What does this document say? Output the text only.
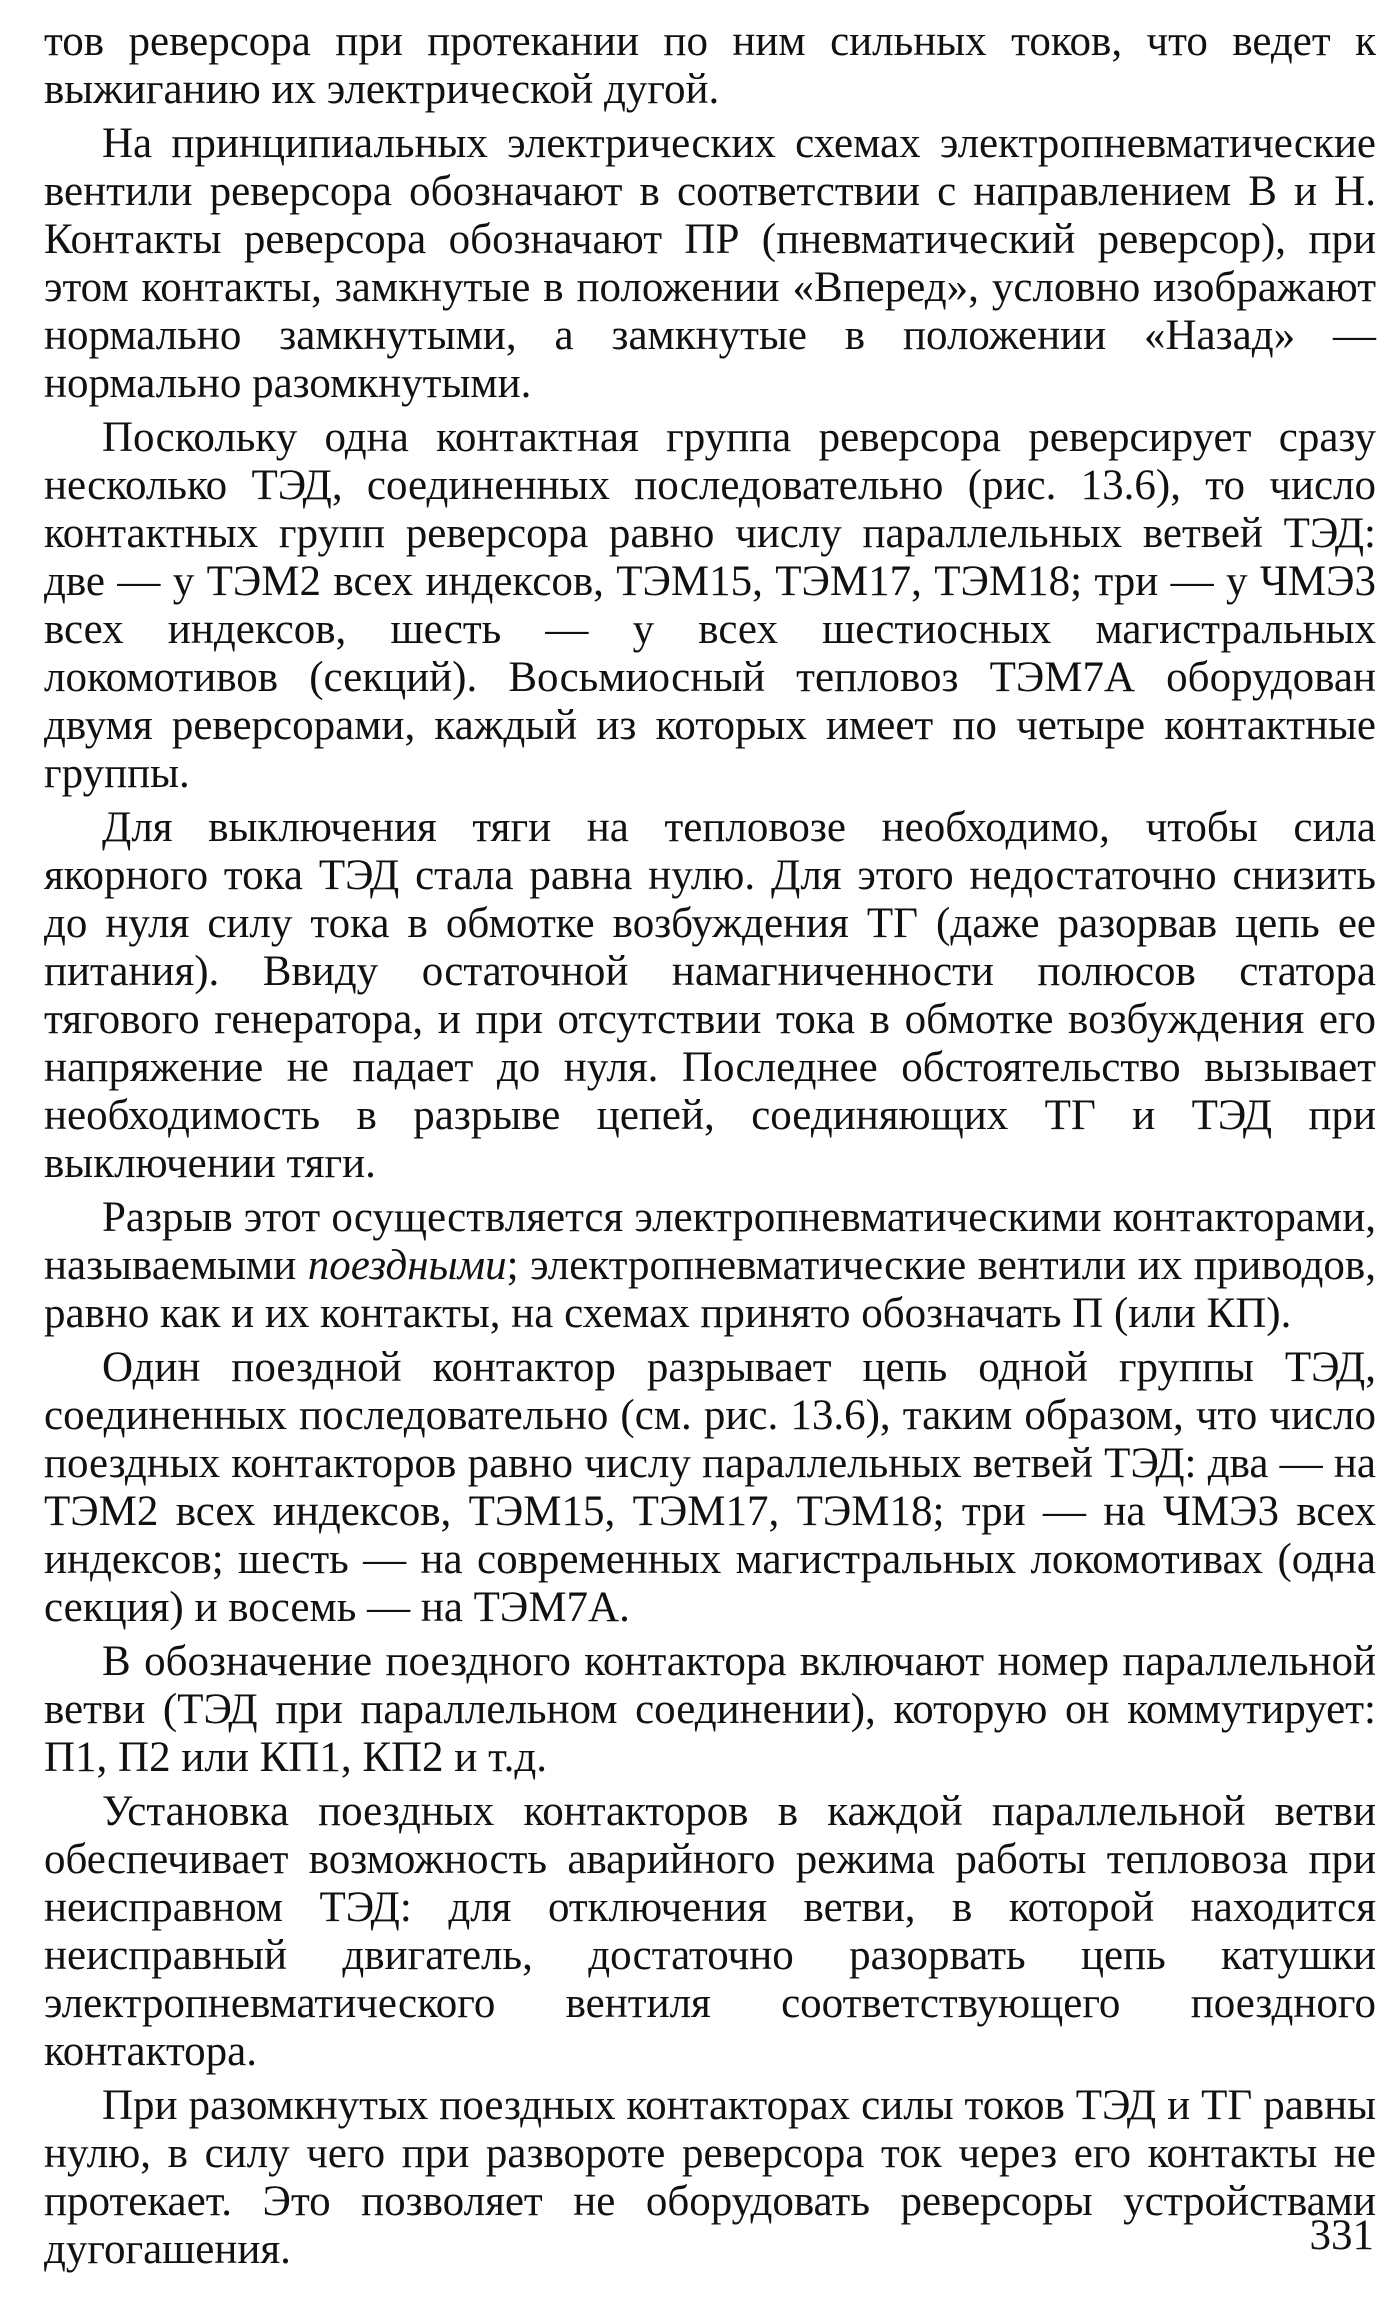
тов реверсора при протекании по ним сильных токов, что ведет к выжиганию их электрической дугой.

На принципиальных электрических схемах электропневматические вентили реверсора обозначают в соответствии с направлением В и Н. Контакты реверсора обозначают ПР (пневматический реверсор), при этом контакты, замкнутые в положении «Вперед», условно изображают нормально замкнутыми, а замкнутые в положении «Назад» — нормально разомкнутыми.

Поскольку одна контактная группа реверсора реверсирует сразу несколько ТЭД, соединенных последовательно (рис. 13.6), то число контактных групп реверсора равно числу параллельных ветвей ТЭД: две — у ТЭМ2 всех индексов, ТЭМ15, ТЭМ17, ТЭМ18; три — у ЧМЭ3 всех индексов, шесть — у всех шестиосных магистральных локомотивов (секций). Восьмиосный тепловоз ТЭМ7А оборудован двумя реверсорами, каждый из которых имеет по четыре контактные группы.

Для выключения тяги на тепловозе необходимо, чтобы сила якорного тока ТЭД стала равна нулю. Для этого недостаточно снизить до нуля силу тока в обмотке возбуждения ТГ (даже разорвав цепь ее питания). Ввиду остаточной намагниченности полюсов статора тягового генератора, и при отсутствии тока в обмотке возбуждения его напряжение не падает до нуля. Последнее обстоятельство вызывает необходимость в разрыве цепей, соединяющих ТГ и ТЭД при выключении тяги.

Разрыв этот осуществляется электропневматическими контакторами, называемыми поездными; электропневматические вентили их приводов, равно как и их контакты, на схемах принято обозначать П (или КП).

Один поездной контактор разрывает цепь одной группы ТЭД, соединенных последовательно (см. рис. 13.6), таким образом, что число поездных контакторов равно числу параллельных ветвей ТЭД: два — на ТЭМ2 всех индексов, ТЭМ15, ТЭМ17, ТЭМ18; три — на ЧМЭ3 всех индексов; шесть — на современных магистральных локомотивах (одна секция) и восемь — на ТЭМ7А.

В обозначение поездного контактора включают номер параллельной ветви (ТЭД при параллельном соединении), которую он коммутирует: П1, П2 или КП1, КП2 и т.д.

Установка поездных контакторов в каждой параллельной ветви обеспечивает возможность аварийного режима работы тепловоза при неисправном ТЭД: для отключения ветви, в которой находится неисправный двигатель, достаточно разорвать цепь катушки электропневматического вентиля соответствующего поездного контактора.

При разомкнутых поездных контакторах силы токов ТЭД и ТГ равны нулю, в силу чего при развороте реверсора ток через его контакты не протекает. Это позволяет не оборудовать реверсоры устройствами дугогашения.	331
